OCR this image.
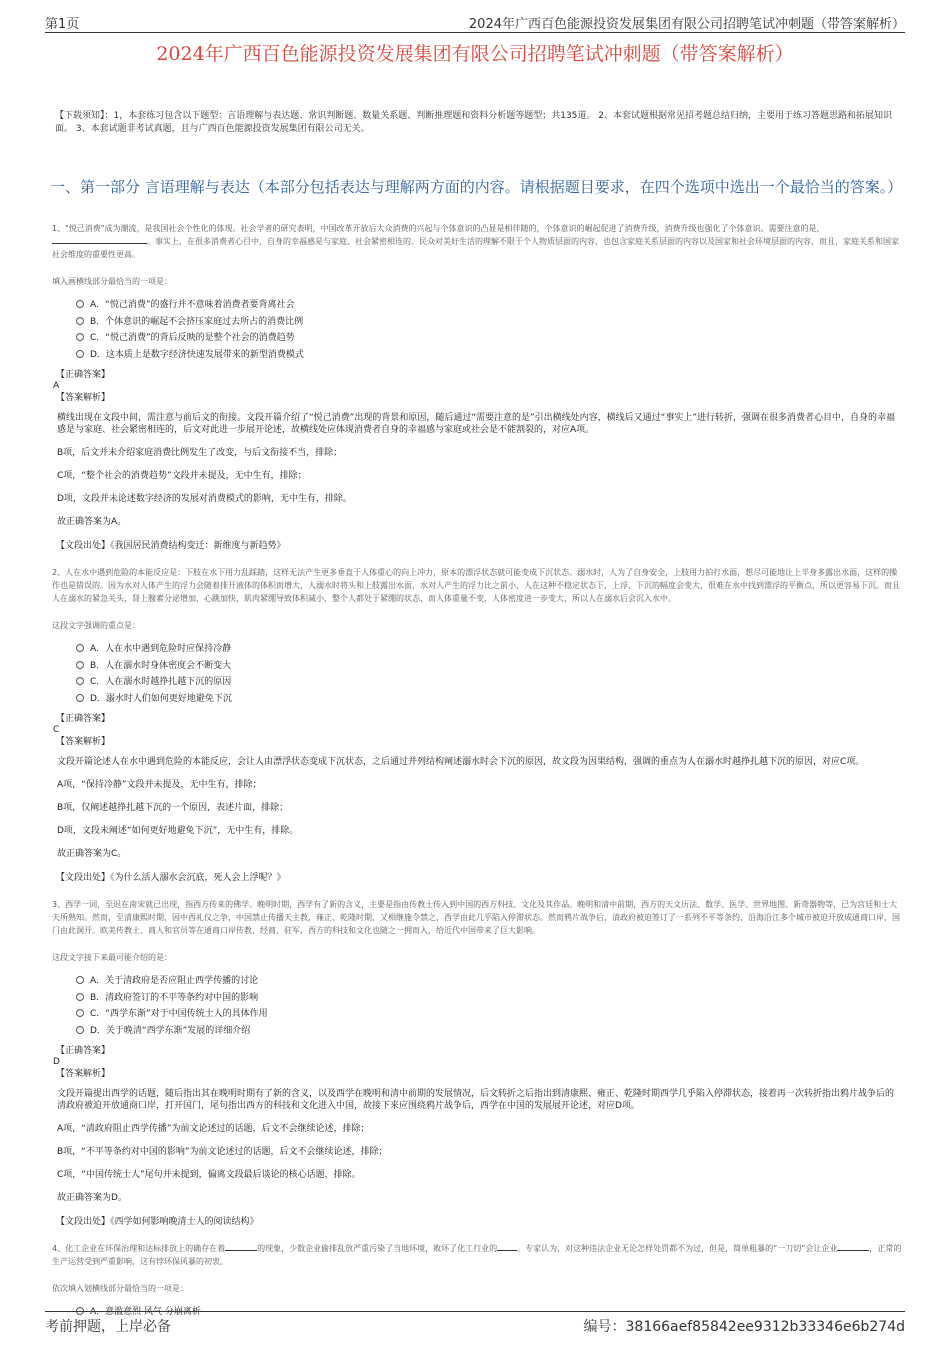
第1页	2024年广西百色能源投资发展集团有限公司招聘笔试冲刺题（带答案解析）
2024年广西百色能源投资发展集团有限公司招聘笔试冲刺题（带答案解析）
【下载须知】：1，本套练习包含以下题型：言语理解与表达题、常识判断题、数量关系题、判断推理题和资料分析题等题型；共135道。 2、本套试题根据常见招考题总结归纳，主要用于练习答题思路和拓展知识面。 3、本套试题非考试真题，且与广西百色能源投资发展集团有限公司无关。
一、第一部分 言语理解与表达（本部分包括表达与理解两方面的内容。请根据题目要求，在四个选项中选出一个最恰当的答案。）
1、"悦己消费"成为潮流，是我国社会个性化的体现。社会学者的研究表明，中国改革开放后大众消费的兴起与个体意识的凸显是相伴随的，个体意识的崛起促进了消费升级，消费升级也强化了个体意识。需要注意的是，。事实上，在很多消费者心目中，自身的幸福感是与家庭、社会紧密相连的。民众对美好生活的理解不限于个人物质层面的内容，也包含家庭关系层面的内容以及国家和社会环境层面的内容，而且，家庭关系和国家社会维度的重要性更高。
填入画横线部分最恰当的一项是：
A．“悦己消费”的盛行并不意味着消费者要背离社会
B．个体意识的崛起不会挤压家庭过去所占的消费比例
C．“悦己消费”的背后反映的是整个社会的消费趋势
D．这本质上是数字经济快速发展带来的新型消费模式
【正确答案】
A
【答案解析】
横线出现在文段中间，需注意与前后文的衔接。文段开篇介绍了“悦己消费”出现的背景和原因，随后通过“需要注意的是”引出横线处内容，横线后又通过“事实上”进行转折，强调在很多消费者心目中，自身的幸福感是与家庭、社会紧密相连的，后文对此进一步展开论述，故横线处应体现消费者自身的幸福感与家庭或社会是不能割裂的，对应A项。
B项，后文并未介绍家庭消费比例发生了改变，与后文衔接不当，排除；
C项，“整个社会的消费趋势”文段并未提及，无中生有，排除；
D项，文段并未论述数字经济的发展对消费模式的影响，无中生有，排除。
故正确答案为A。
【文段出处】《我国居民消费结构变迁：新维度与新趋势》
2、人在水中遇到危险的本能反应是：下肢在水下用力乱踩踏，这样无法产生更多垂直于人体重心的向上冲力，原本的漂浮状态就可能变成下沉状态。溺水时，人为了自身安全，上肢用力拍打水面，想尽可能地让上半身多露出水面，这样的操作也是错误的。因为水对人体产生的浮力会随着排开液体的体积而增大，人溺水时将头和上肢露出水面，水对人产生的浮力比之前小，人在这种不稳定状态下，上浮、下沉的幅度会变大，很难在水中找到漂浮的平衡点，所以更容易下沉。而且人在溺水的紧急关头，肾上腺素分泌增加，心跳加快，肌肉紧绷导致体积减小，整个人都处于紧绷的状态，而人体重量不变，人体密度进一步变大，所以人在溺水后会沉入水中。
这段文字强调的重点是：
A．人在水中遇到危险时应保持冷静
B．人在溺水时身体密度会不断变大
C．人在溺水时越挣扎越下沉的原因
D．溺水时人们如何更好地避免下沉
【正确答案】
C
【答案解析】
文段开篇论述人在水中遇到危险的本能反应，会让人由漂浮状态变成下沉状态，之后通过并列结构阐述溺水时会下沉的原因，故文段为因果结构，强调的重点为人在溺水时越挣扎越下沉的原因，对应C项。
A项，“保持冷静”文段并未提及，无中生有，排除；
B项，仅阐述越挣扎越下沉的一个原因，表述片面，排除；
D项，文段未阐述“如何更好地避免下沉”，无中生有，排除。
故正确答案为C。
【文段出处】《为什么活人溺水会沉底，死人会上浮呢？》
3、西学一词，至迟在南宋就已出现，指西方传来的佛学。晚明时期，西学有了新的含义，主要是指由传教士传入到中国的西方科技、文化及其作品。晚明和清中前期，西方的天文历法、数学、医学、世界地图、新奇器物等，已为宫廷和士大夫所熟知。然而，至清康熙时期，因中西礼仪之争，中国禁止传播天主教，雍正、乾隆时期，又相继施令禁之，西学由此几乎陷入停滞状态。然而鸦片战争后，清政府被迫签订了一系列不平等条约，沿海沿江多个城市被迫开放成通商口岸，国门由此洞开。欧美传教士、商人和官员等在通商口岸传教、经商、驻军，西方的科技和文化也随之一拥而入，给近代中国带来了巨大影响。
这段文字接下来最可能介绍的是：
A．关于清政府是否应阻止西学传播的讨论
B．清政府签订的不平等条约对中国的影响
C．“西学东渐”对于中国传统士人的具体作用
D．关于晚清“西学东渐”发展的详细介绍
【正确答案】
D
【答案解析】
文段开篇提出西学的话题，随后指出其在晚明时期有了新的含义，以及西学在晚明和清中前期的发展情况，后文转折之后指出到清康熙、雍正、乾隆时期西学几乎陷入停滞状态，接着再一次转折指出鸦片战争后的清政府被迫开放通商口岸，打开国门，尾句指出西方的科技和文化进入中国，故接下来应围绕鸦片战争后，西学在中国的发展展开论述，对应D项。
A项，“清政府阻止西学传播”为前文论述过的话题，后文不会继续论述，排除；
B项，“不平等条约对中国的影响”为前文论述过的话题，后文不会继续论述，排除；
C项，“中国传统士人”尾句并未提到，偏离文段最后谈论的核心话题，排除。
故正确答案为D。
【文段出处】《西学如何影响晚清士人的阅读结构》
4、化工企业在环保治理和达标排放上的确存在着	的现象，少数企业偷排乱放严重污染了当地环境，败坏了化工行业的	。专家认为，对这种违法企业无论怎样处罚都不为过，但是，简单粗暴的“一刀切”会让企业	，正常的生产运营受到严重影响，这有悖环保风暴的初衷。
依次填入划横线部分最恰当的一项是：
A．意滥意烈 风气 分崩离析
考前押题，上岸必备	编号：38166aef85842ee9312b33346e6b274d
